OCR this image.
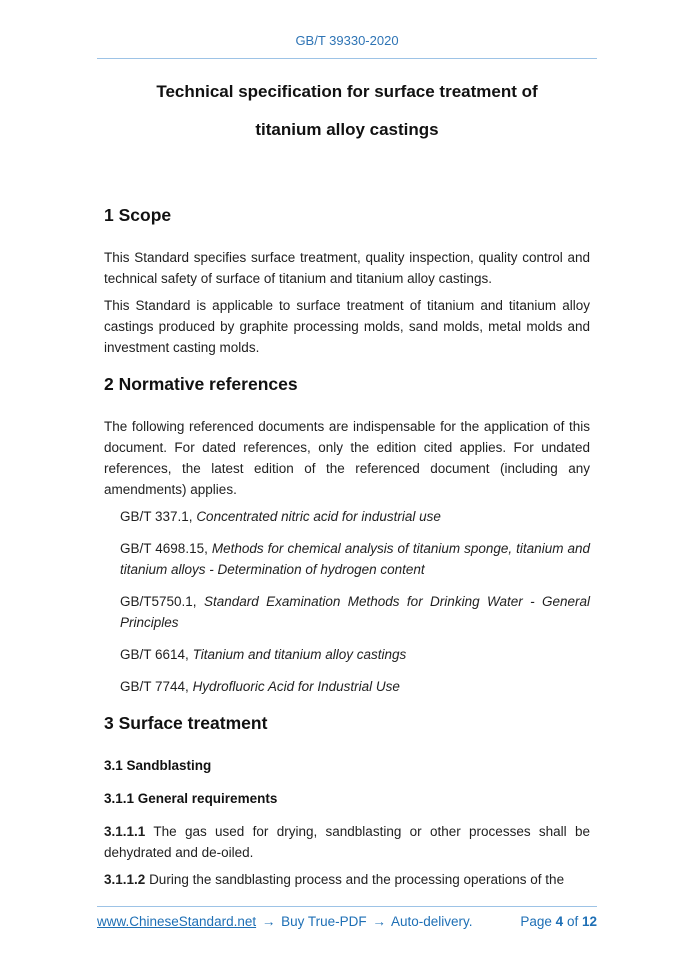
GB/T 39330-2020
Technical specification for surface treatment of
titanium alloy castings
1 Scope

This Standard specifies surface treatment, quality inspection, quality control and technical safety of surface of titanium and titanium alloy castings.

This Standard is applicable to surface treatment of titanium and titanium alloy castings produced by graphite processing molds, sand molds, metal molds and investment casting molds.

2 Normative references

The following referenced documents are indispensable for the application of this document. For dated references, only the edition cited applies. For undated references, the latest edition of the referenced document (including any amendments) applies.

GB/T 337.1, Concentrated nitric acid for industrial use

GB/T 4698.15, Methods for chemical analysis of titanium sponge, titanium and titanium alloys - Determination of hydrogen content

GB/T5750.1, Standard Examination Methods for Drinking Water - General Principles

GB/T 6614, Titanium and titanium alloy castings

GB/T 7744, Hydrofluoric Acid for Industrial Use

3 Surface treatment
3.1 Sandblasting
3.1.1 General requirements

3.1.1.1 The gas used for drying, sandblasting or other processes shall be dehydrated and de-oiled.

3.1.1.2 During the sandblasting process and the processing operations of the

www.ChineseStandard.net → Buy True-PDF → Auto-delivery.	Page 4 of 12
